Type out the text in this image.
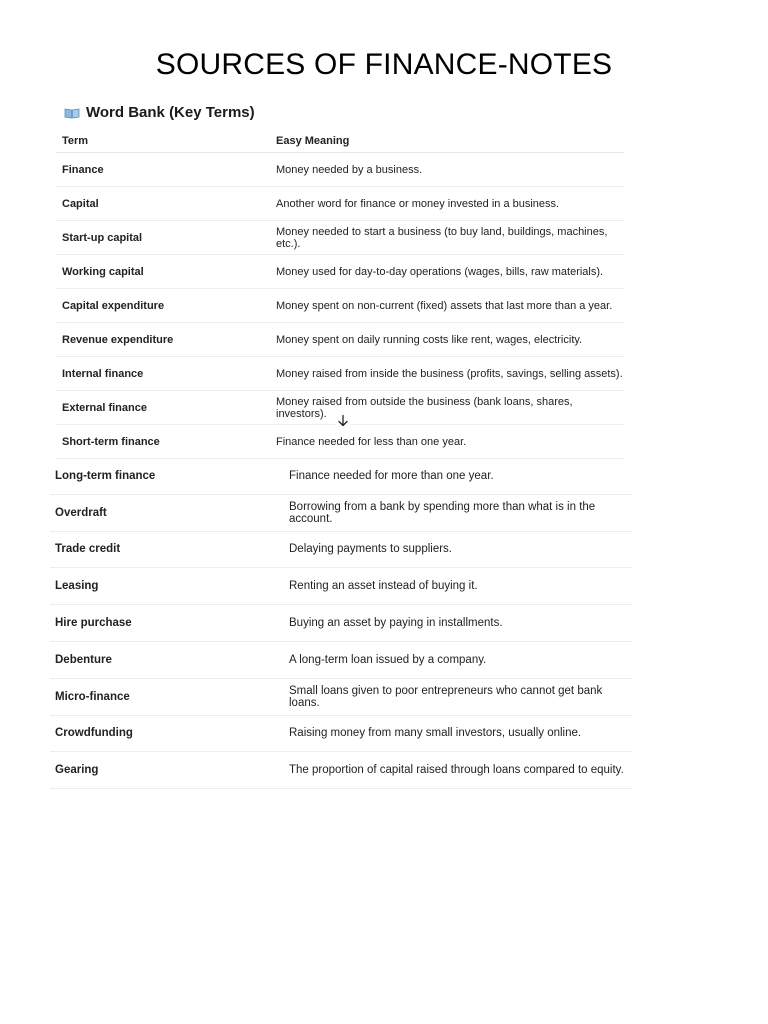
SOURCES OF FINANCE-NOTES
Word Bank (Key Terms)
Term	Easy Meaning
Finance	Money needed by a business.
Capital	Another word for finance or money invested in a business.
Start-up capital	Money needed to start a business (to buy land, buildings, machines, etc.).
Working capital	Money used for day-to-day operations (wages, bills, raw materials).
Capital expenditure	Money spent on non-current (fixed) assets that last more than a year.
Revenue expenditure	Money spent on daily running costs like rent, wages, electricity.
Internal finance	Money raised from inside the business (profits, savings, selling assets).
External finance	Money raised from outside the business (bank loans, shares, investors).
Short-term finance	Finance needed for less than one year.
Long-term finance	Finance needed for more than one year.
Overdraft	Borrowing from a bank by spending more than what is in the account.
Trade credit	Delaying payments to suppliers.
Leasing	Renting an asset instead of buying it.
Hire purchase	Buying an asset by paying in installments.
Debenture	A long-term loan issued by a company.
Micro-finance	Small loans given to poor entrepreneurs who cannot get bank loans.
Crowdfunding	Raising money from many small investors, usually online.
Gearing	The proportion of capital raised through loans compared to equity.
